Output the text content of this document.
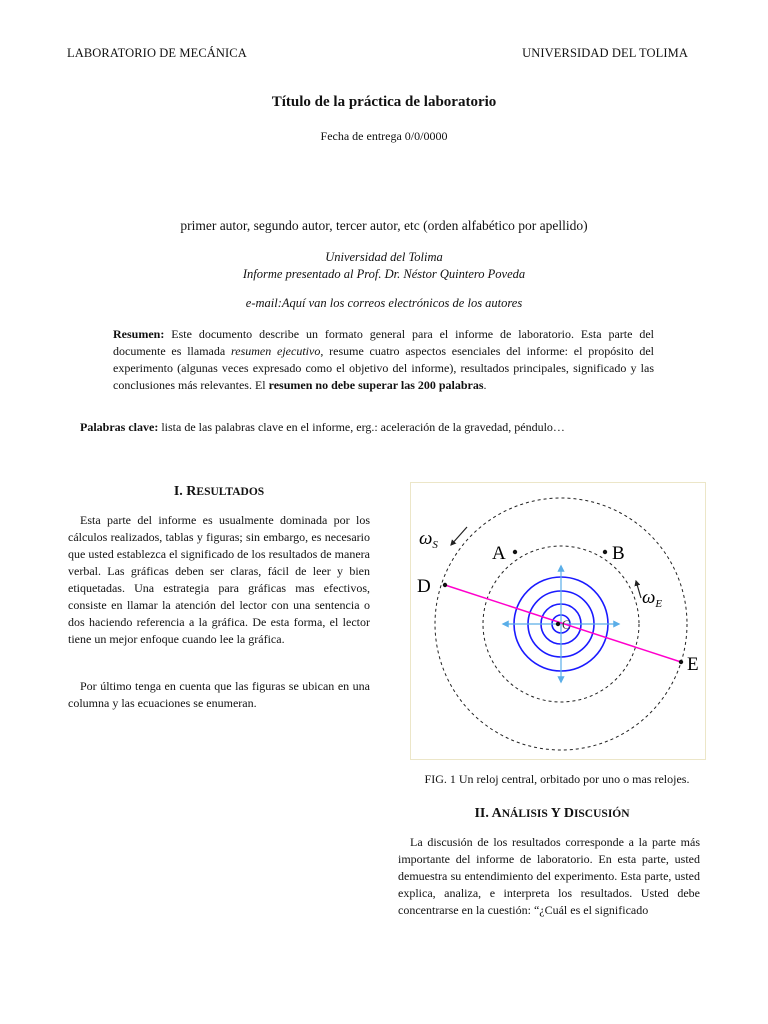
LABORATORIO DE MECÁNICA	UNIVERSIDAD DEL TOLIMA
Título de la práctica de laboratorio
Fecha de entrega 0/0/0000
primer autor, segundo autor, tercer autor, etc (orden alfabético por apellido)
Universidad del Tolima
Informe presentado al Prof. Dr. Néstor Quintero Poveda
e-mail:Aquí van los correos electrónicos de los autores
Resumen: Este documento describe un formato general para el informe de laboratorio. Esta parte del documente es llamada resumen ejecutivo, resume cuatro aspectos esenciales del informe: el propósito del experimento (algunas veces expresado como el objetivo del informe), resultados principales, significado y las conclusiones más relevantes. El resumen no debe superar las 200 palabras.
Palabras clave: lista de las palabras clave en el informe, erg.: aceleración de la gravedad, péndulo…
I. RESULTADOS
Esta parte del informe es usualmente dominada por los cálculos realizados, tablas y figuras; sin embargo, es necesario que usted establezca el significado de los resultados de manera verbal. Las gráficas deben ser claras, fácil de leer y bien etiquetadas. Una estrategia para gráficas mas efectivos, consiste en llamar la atención del lector con una sentencia o dos haciendo referencia a la gráfica. De esta forma, el lector tiene un mejor enfoque cuando lee la gráfica.
Por último tenga en cuenta que las figuras se ubican en una columna y las ecuaciones se enumeran.
A	B
C
D
E
$\omega_S$
$\omega_E$
FIG. 1 Un reloj central, orbitado por uno o mas relojes.
II. ANÁLISIS Y DISCUSIÓN
La discusión de los resultados corresponde a la parte más importante del informe de laboratorio. En esta parte, usted demuestra su entendimiento del experimento. Esta parte, usted explica, analiza, e interpreta los resultados. Usted debe concentrarse en la cuestión: “¿Cuál es el significado
